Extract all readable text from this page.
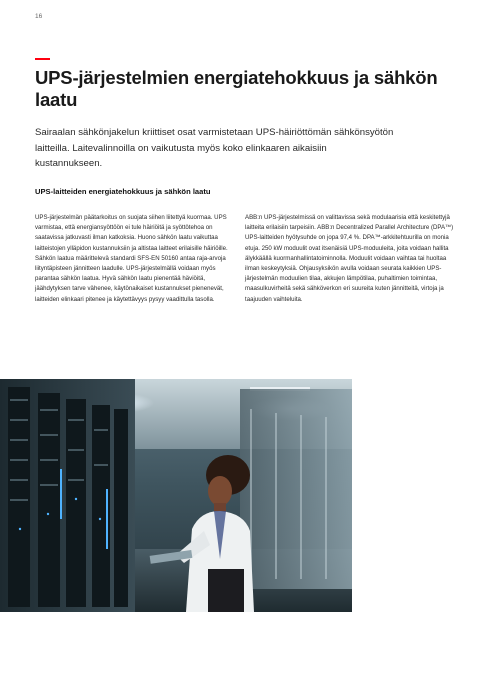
16
UPS-järjestelmien energiatehokkuus ja sähkön laatu

Sairaalan sähkönjakelun kriittiset osat varmistetaan UPS-häiriöttömän sähkönsyötön laitteilla. Laitevalinnoilla on vaikutusta myös koko elinkaaren aikaisiin kustannukseen.

UPS-laitteiden energiatehokkuus ja sähkön laatu

UPS-järjestelmän päätarkoitus on suojata siihen liitettyä kuormaa. UPS varmistaa, että energiansyöttöön ei tule häiriöitä ja syöttötehoa on saatavissa jatkuvasti ilman katkoksia. Huono sähkön laatu vaikuttaa laitteistojen ylläpidon kustannuksiin ja altistaa laitteet erilaisille häiriöille. Sähkön laatua määrittelevä standardi SFS-EN 50160 antaa raja-arvoja liityntäpisteen jännitteen laadulle. UPS-järjestelmällä voidaan myös parantaa sähkön laatua. Hyvä sähkön laatu pienentää häviöitä, jäähdytyksen tarve vähenee, käytönaikaiset kustannukset pienenevät, laitteiden elinkaari pitenee ja käytettävyys pysyy vaadittulla tasolla.

ABB:n UPS-järjestelmissä on valittavissa sekä modulaarisia että keskitettyjä laitteita erilaisiin tarpeisiin. ABB:n Decentralized Parallel Architecture (DPA™) UPS-laitteiden hyötysuhde on jopa 97,4 %. DPA™-arkkitehtuurilla on monia etuja. 250 kW moduulit ovat itsenäisiä UPS-moduuleita, joita voidaan hallita älykkäällä kuormanhallintatoiminnolla. Moduulit voidaan vaihtaa tai huoltaa ilman keskeytyksiä. Ohjausyksikön avulla voidaan seurata kaikkien UPS-järjestelmän moduulien tilaa, akkujen lämpötilaa, puhaltimien toimintaa, maasulkuvirheitä sekä sähköverkon eri suureita kuten jännitteitä, virtoja ja taajuuden vaihteluita.
